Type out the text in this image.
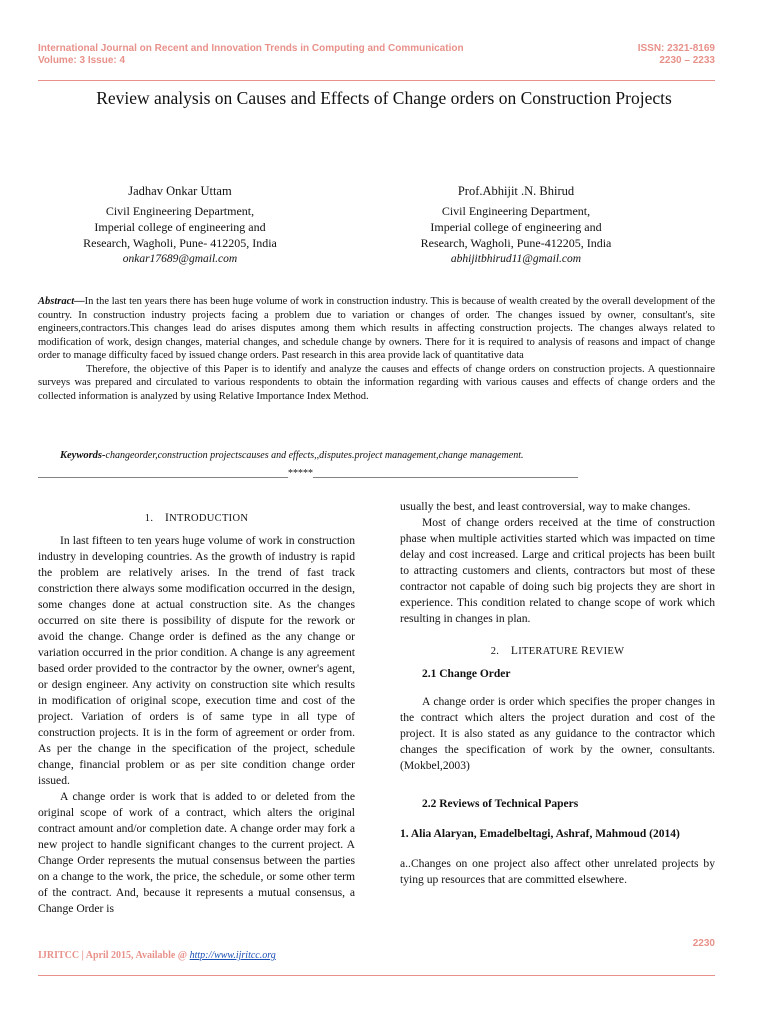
International Journal on Recent and Innovation Trends in Computing and Communication
Volume: 3 Issue: 4
ISSN: 2321-8169
2230 – 2233
Review analysis on Causes and Effects of Change orders on Construction Projects
Jadhav Onkar Uttam
Civil Engineering Department,
Imperial college of engineering and
Research, Wagholi, Pune- 412205, India
onkar17689@gmail.com
Prof.Abhijit .N. Bhirud
Civil Engineering Department,
Imperial college of engineering and
Research, Wagholi, Pune-412205, India
abhijitbhirud11@gmail.com

Abstract—In the last ten years there has been huge volume of work in construction industry. This is because of wealth created by the overall development of the country. In construction industry projects facing a problem due to variation or changes of order. The changes issued by owner, consultant's, site engineers,contractors.This changes lead do arises disputes among them which results in affecting construction projects. The changes always related to modification of work, design changes, material changes, and schedule change by owners. There for it is required to analysis of reasons and impact of change order to manage difficulty faced by issued change orders. Past research in this area provide lack of quantitative data

Therefore, the objective of this Paper is to identify and analyze the causes and effects of change orders on construction projects. A questionnaire surveys was prepared and circulated to various respondents to obtain the information regarding with various causes and effects of change orders and the collected information is analyzed by using Relative Importance Index Method.

Keywords-changeorder,construction projectscauses and effects,,disputes.project management,change management.
__________________________________________________*****_____________________________________________________
1. INTRODUCTION

In last fifteen to ten years huge volume of work in construction industry in developing countries. As the growth of industry is rapid the problem are relatively arises. In the trend of fast track constriction there always some modification occurred in the design, some changes done at actual construction site. As the changes occurred on site there is possibility of dispute for the rework or avoid the change. Change order is defined as the any change or variation occurred in the prior condition. A change is any agreement based order provided to the contractor by the owner, owner's agent, or design engineer. Any activity on construction site which results in modification of original scope, execution time and cost of the project. Variation of orders is of same type in all type of construction projects. It is in the form of agreement or order from. As per the change in the specification of the project, schedule change, financial problem or as per site condition change order issued.

A change order is work that is added to or deleted from the original scope of work of a contract, which alters the original contract amount and/or completion date. A change order may fork a new project to handle significant changes to the current project. A Change Order represents the mutual consensus between the parties on a change to the work, the price, the schedule, or some other term of the contract. And, because it represents a mutual consensus, a Change Order is

usually the best, and least controversial, way to make changes.

Most of change orders received at the time of construction phase when multiple activities started which was impacted on time delay and cost increased. Large and critical projects has been built to attracting customers and clients, contractors but most of these contractor not capable of doing such big projects they are short in experience. This condition related to change scope of work which resulting in changes in plan.

2. LITERATURE REVIEW
2.1 Change Order

A change order is order which specifies the proper changes in the contract which alters the project duration and cost of the project. It is also stated as any guidance to the contractor which changes the specification of work by the owner, consultants. (Mokbel,2003)

2.2 Reviews of Technical Papers
1. Alia Alaryan, Emadelbeltagi, Ashraf, Mahmoud (2014)

a..Changes on one project also affect other unrelated projects by tying up resources that are committed elsewhere.

2230
IJRITCC | April 2015, Available @ http://www.ijritcc.org
